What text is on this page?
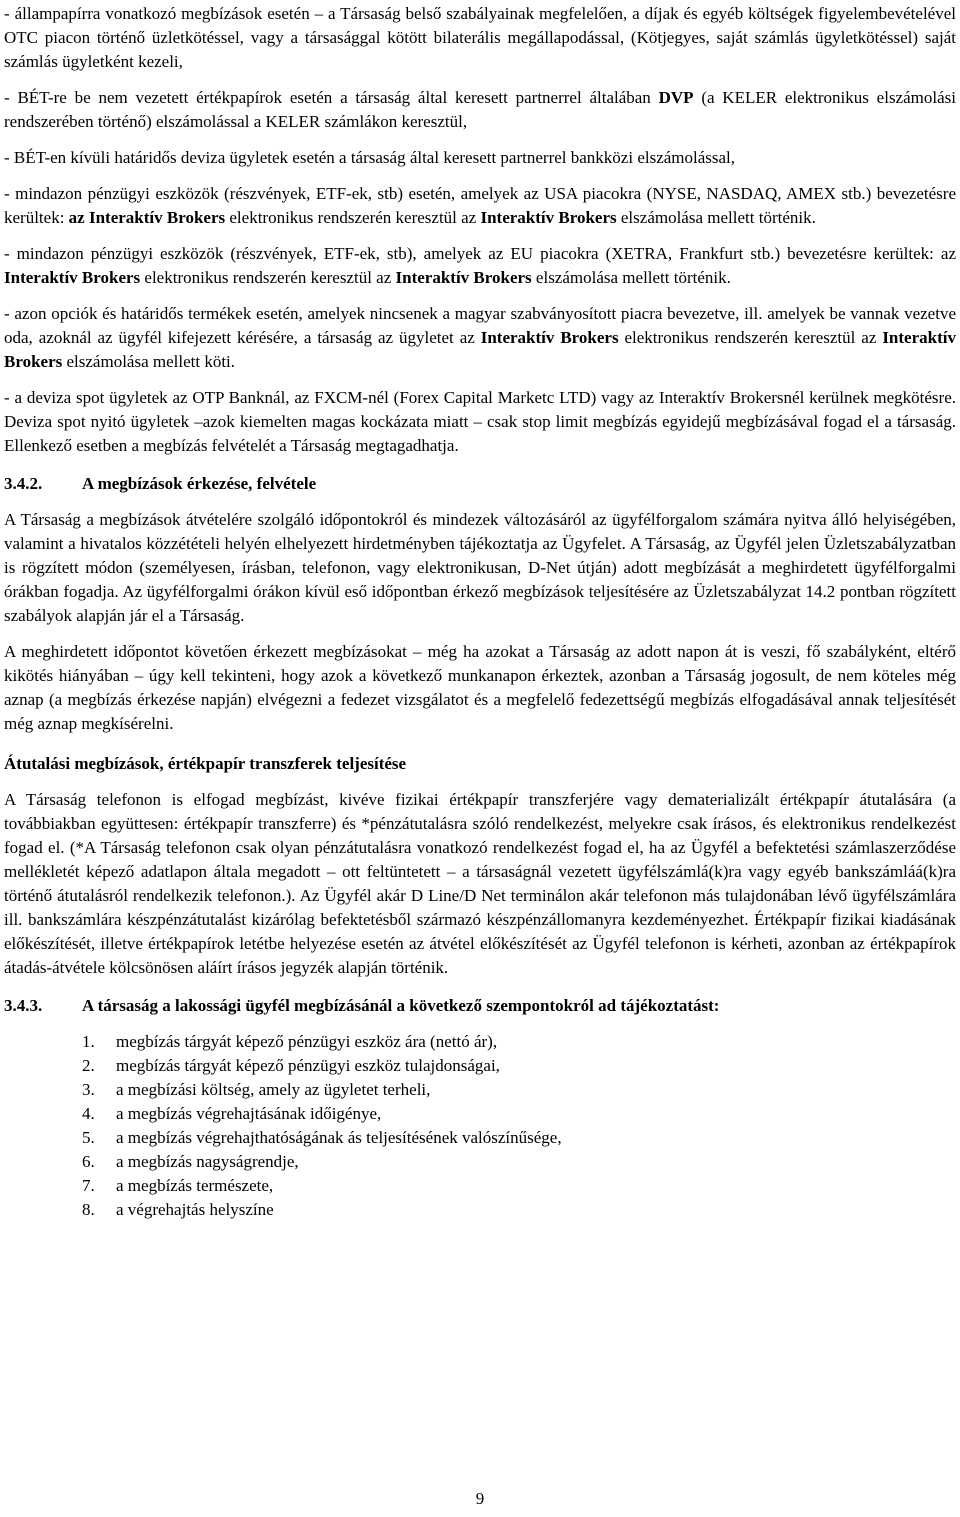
- állampapírra vonatkozó megbízások esetén – a Társaság belső szabályainak megfelelően, a díjak és egyéb költségek figyelembevételével OTC piacon történő üzletkötéssel, vagy a társasággal kötött bilaterális megállapodással, (Kötjegyes, saját számlás ügyletkötéssel) saját számlás ügyletként kezeli,

- BÉT-re be nem vezetett értékpapírok esetén a társaság által keresett partnerrel általában DVP (a KELER elektronikus elszámolási rendszerében történő) elszámolással a KELER számlákon keresztül,

- BÉT-en kívüli határidős deviza ügyletek esetén a társaság által keresett partnerrel bankközi elszámolással,

- mindazon pénzügyi eszközök (részvények, ETF-ek, stb) esetén, amelyek az USA piacokra (NYSE, NASDAQ, AMEX stb.) bevezetésre kerültek: az Interaktív Brokers elektronikus rendszerén keresztül az Interaktív Brokers elszámolása mellett történik.

- mindazon pénzügyi eszközök (részvények, ETF-ek, stb), amelyek az EU piacokra (XETRA, Frankfurt stb.) bevezetésre kerültek: az Interaktív Brokers elektronikus rendszerén keresztül az Interaktív Brokers elszámolása mellett történik.

- azon opciók és határidős termékek esetén, amelyek nincsenek a magyar szabványosított piacra bevezetve, ill. amelyek be vannak vezetve oda, azoknál az ügyfél kifejezett kérésére, a társaság az ügyletet az Interaktív Brokers elektronikus rendszerén keresztül az Interaktív Brokers elszámolása mellett köti.

- a deviza spot ügyletek az OTP Banknál, az FXCM-nél (Forex Capital Marketc LTD) vagy az Interaktív Brokersnél kerülnek megkötésre. Deviza spot nyitó ügyletek –azok kiemelten magas kockázata miatt – csak stop limit megbízás egyidejű megbízásával fogad el a társaság. Ellenkező esetben a megbízás felvételét a Társaság megtagadhatja.

3.4.2. A megbízások érkezése, felvétele

A Társaság a megbízások átvételére szolgáló időpontokról és mindezek változásáról az ügyfélforgalom számára nyitva álló helyiségében, valamint a hivatalos közzétételi helyén elhelyezett hirdetményben tájékoztatja az Ügyfelet. A Társaság, az Ügyfél jelen Üzletszabályzatban is rögzített módon (személyesen, írásban, telefonon, vagy elektronikusan, D-Net útján) adott megbízását a meghirdetett ügyfélforgalmi órákban fogadja. Az ügyfélforgalmi órákon kívül eső időpontban érkező megbízások teljesítésére az Üzletszabályzat 14.2 pontban rögzített szabályok alapján jár el a Társaság.

A meghirdetett időpontot követően érkezett megbízásokat – még ha azokat a Társaság az adott napon át is veszi, fő szabályként, eltérő kikötés hiányában – úgy kell tekinteni, hogy azok a következő munkanapon érkeztek, azonban a Társaság jogosult, de nem köteles még aznap (a megbízás érkezése napján) elvégezni a fedezet vizsgálatot és a megfelelő fedezettségű megbízás elfogadásával annak teljesítését még aznap megkísérelni.

Átutalási megbízások, értékpapír transzferek teljesítése

A Társaság telefonon is elfogad megbízást, kivéve fizikai értékpapír transzferjére vagy dematerializált értékpapír átutalására (a továbbiakban együttesen: értékpapír transzferre) és *pénzátutalásra szóló rendelkezést, melyekre csak írásos, és elektronikus rendelkezést fogad el. (*A Társaság telefonon csak olyan pénzátutalásra vonatkozó rendelkezést fogad el, ha az Ügyfél a befektetési számlaszerződése mellékletét képező adatlapon általa megadott – ott feltüntetett – a társaságnál vezetett ügyfélszámlá(k)ra vagy egyéb bankszámláá(k)ra történő átutalásról rendelkezik telefonon.). Az Ügyfél akár D Line/D Net terminálon akár telefonon más tulajdonában lévő ügyfélszámlára ill. bankszámlára készpénzátutalást kizárólag befektetésből származó készpénzállomanyra kezdeményezhet. Értékpapír fizikai kiadásának előkészítését, illetve értékpapírok letétbe helyezése esetén az átvétel előkészítését az Ügyfél telefonon is kérheti, azonban az értékpapírok átadás-átvétele kölcsönösen aláírt írásos jegyzék alapján történik.

3.4.3. A társaság a lakossági ügyfél megbízásánál a következő szempontokról ad tájékoztatást:
1. megbízás tárgyát képező pénzügyi eszköz ára (nettó ár),
2. megbízás tárgyát képező pénzügyi eszköz tulajdonságai,
3. a megbízási költség, amely az ügyletet terheli,
4. a megbízás végrehajtásának időigénye,
5. a megbízás végrehajthatóságának ás teljesítésének valószínűsége,
6. a megbízás nagyságrendje,
7. a megbízás természete,
8. a végrehajtás helyszíne
9
